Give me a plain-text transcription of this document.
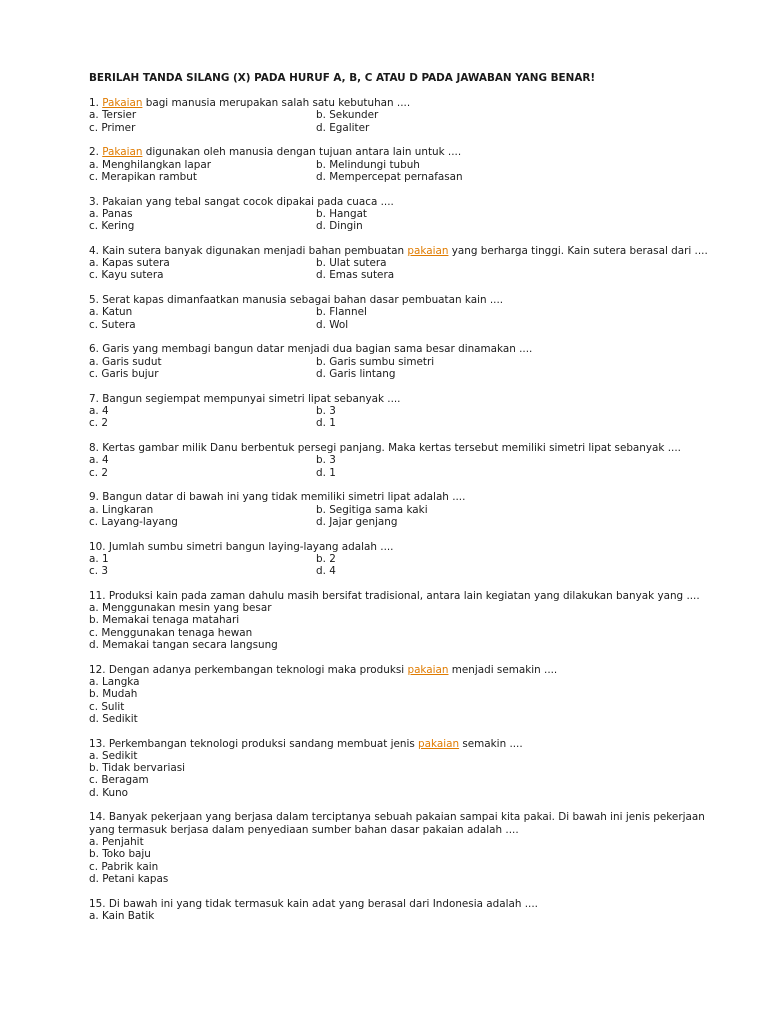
BERILAH TANDA SILANG (X) PADA HURUF A, B, C ATAU D PADA JAWABAN YANG BENAR!
1. Pakaian bagi manusia merupakan salah satu kebutuhan ....
a. Tersier	b. Sekunder
c. Primer	d. Egaliter
2. Pakaian digunakan oleh manusia dengan tujuan antara lain untuk ....
a. Menghilangkan lapar	b. Melindungi tubuh
c. Merapikan rambut	d. Mempercepat pernafasan
3. Pakaian yang tebal sangat cocok dipakai pada cuaca ....
a. Panas	b. Hangat
c. Kering	d. Dingin
4. Kain sutera banyak digunakan menjadi bahan pembuatan pakaian yang berharga tinggi. Kain sutera berasal dari ....
a. Kapas sutera	b. Ulat sutera
c. Kayu sutera	d. Emas sutera
5. Serat kapas dimanfaatkan manusia sebagai bahan dasar pembuatan kain ....
a. Katun	b. Flannel
c. Sutera	d. Wol
6. Garis yang membagi bangun datar menjadi dua bagian sama besar dinamakan ....
a. Garis sudut	b. Garis sumbu simetri
c. Garis bujur	d. Garis lintang
7. Bangun segiempat mempunyai simetri lipat sebanyak ....
a. 4	b. 3
c. 2	d. 1
8. Kertas gambar milik Danu berbentuk persegi panjang. Maka kertas tersebut memiliki simetri lipat sebanyak ....
a. 4	b. 3
c. 2	d. 1
9. Bangun datar di bawah ini yang tidak memiliki simetri lipat adalah ....
a. Lingkaran	b. Segitiga sama kaki
c. Layang-layang	d. Jajar genjang
10. Jumlah sumbu simetri bangun laying-layang adalah ....
a. 1	b. 2
c. 3	d. 4
11. Produksi kain pada zaman dahulu masih bersifat tradisional, antara lain kegiatan yang dilakukan banyak yang ....
a. Menggunakan mesin yang besar
b. Memakai tenaga matahari
c. Menggunakan tenaga hewan
d. Memakai tangan secara langsung
12. Dengan adanya perkembangan teknologi maka produksi pakaian menjadi semakin ....
a. Langka
b. Mudah
c. Sulit
d. Sedikit
13. Perkembangan teknologi produksi sandang membuat jenis pakaian semakin ....
a. Sedikit
b. Tidak bervariasi
c. Beragam
d. Kuno
14. Banyak pekerjaan yang berjasa dalam terciptanya sebuah pakaian sampai kita pakai. Di bawah ini jenis pekerjaan yang termasuk berjasa dalam penyediaan sumber bahan dasar pakaian adalah ....
a. Penjahit
b. Toko baju
c. Pabrik kain
d. Petani kapas
15. Di bawah ini yang tidak termasuk kain adat yang berasal dari Indonesia adalah ....
a. Kain Batik
